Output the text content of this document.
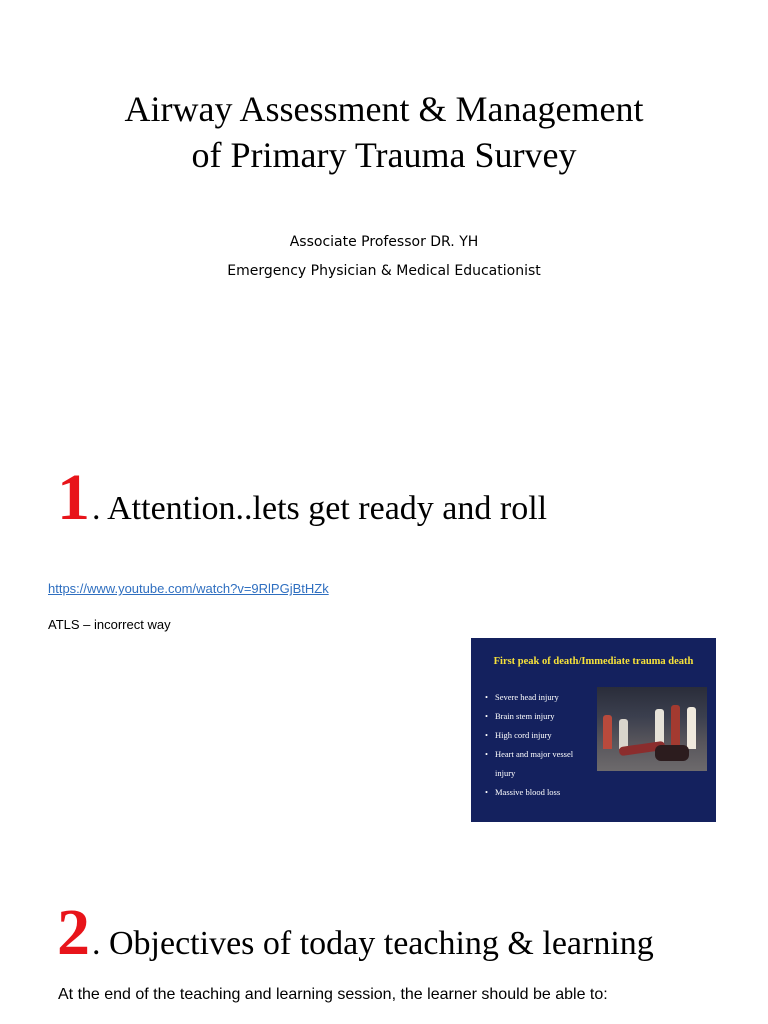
Airway Assessment & Management
of Primary Trauma Survey
Associate Professor DR. YH
Emergency Physician & Medical Educationist
1. Attention..lets get ready and roll
https://www.youtube.com/watch?v=9RlPGjBtHZk
ATLS – incorrect way
First peak of death/Immediate trauma death
• Severe head injury
• Brain stem injury
• High cord injury
• Heart and major vessel injury
• Massive blood loss
2. Objectives of today teaching & learning
At the end of the teaching and learning session, the learner should be able to:
